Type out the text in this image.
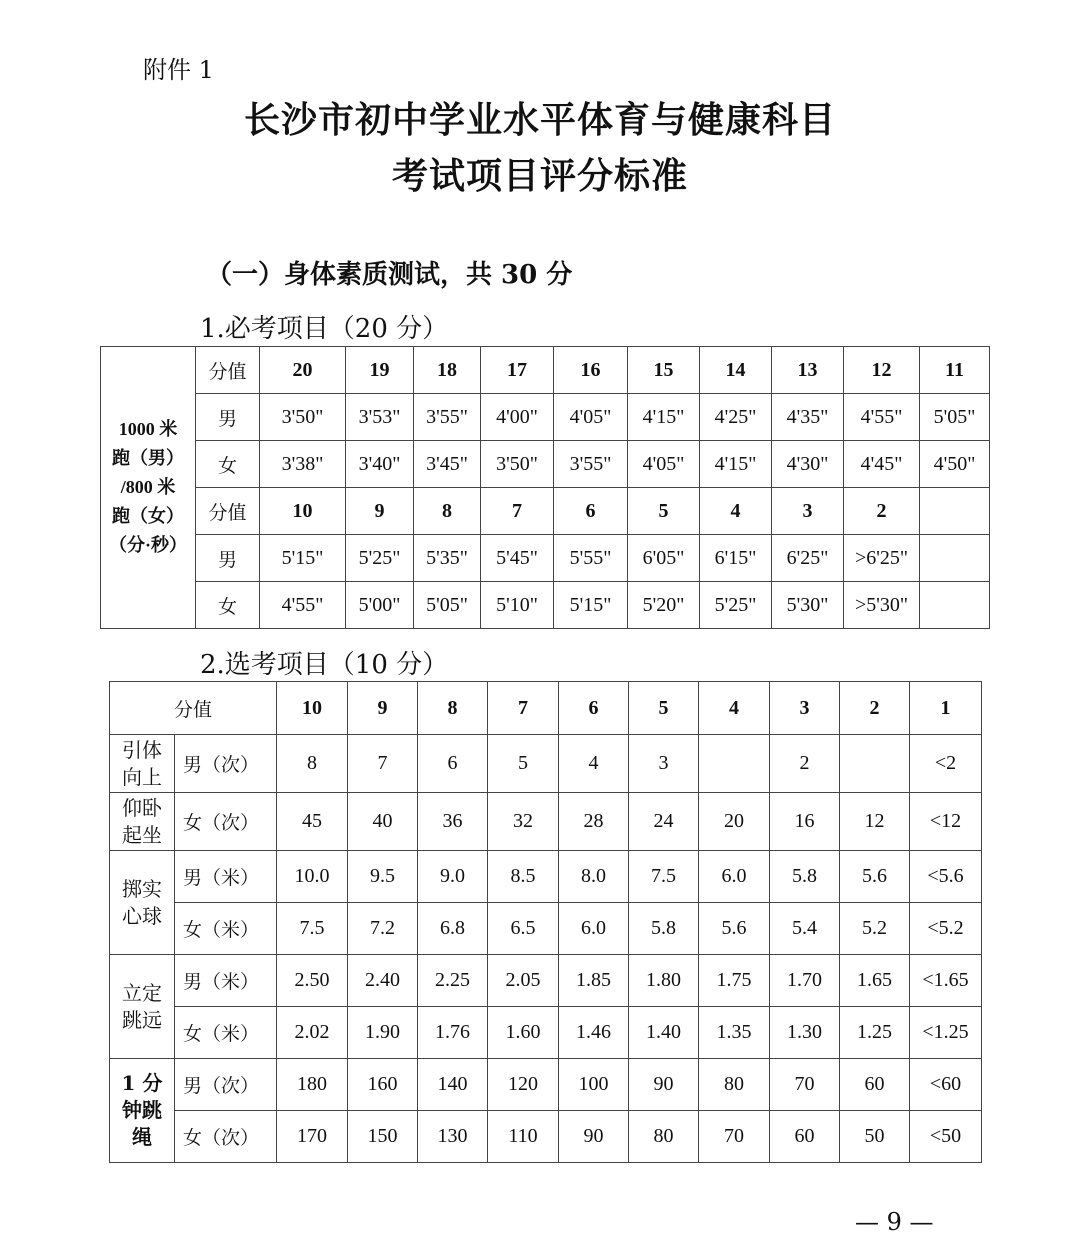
附件 1
长沙市初中学业水平体育与健康科目
考试项目评分标准
（一）身体素质测试，共 30 分
1.必考项目（20 分）
1000 米
跑（男）
/800 米
跑（女）
（分·秒）	分值	20	19	18	17	16	15	14	13	12	11
	男	3'50"	3'53"	3'55"	4'00"	4'05"	4'15"	4'25"	4'35"	4'55"	5'05"
	女	3'38"	3'40"	3'45"	3'50"	3'55"	4'05"	4'15"	4'30"	4'45"	4'50"
	分值	10	9	8	7	6	5	4	3	2	
	男	5'15"	5'25"	5'35"	5'45"	5'55"	6'05"	6'15"	6'25"	>6'25"	
	女	4'55"	5'00"	5'05"	5'10"	5'15"	5'20"	5'25"	5'30"	>5'30"	
2.选考项目（10 分）
分值		10	9	8	7	6	5	4	3	2	1

引体
向上	男（次）	8	7	6	5	4	3		2		<2

仰卧
起坐	女（次）	45	40	36	32	28	24	20	16	12	<12

掷实
心球	男（米）	10.0	9.5	9.0	8.5	8.0	7.5	6.0	5.8	5.6	<5.6
	女（米）	7.5	7.2	6.8	6.5	6.0	5.8	5.6	5.4	5.2	<5.2

立定
跳远	男（米）	2.50	2.40	2.25	2.05	1.85	1.80	1.75	1.70	1.65	<1.65
	女（米）	2.02	1.90	1.76	1.60	1.46	1.40	1.35	1.30	1.25	<1.25

1 分
钟跳
绳	男（次）	180	160	140	120	100	90	80	70	60	<60
	女（次）	170	150	130	110	90	80	70	60	50	<50
— 9 —
